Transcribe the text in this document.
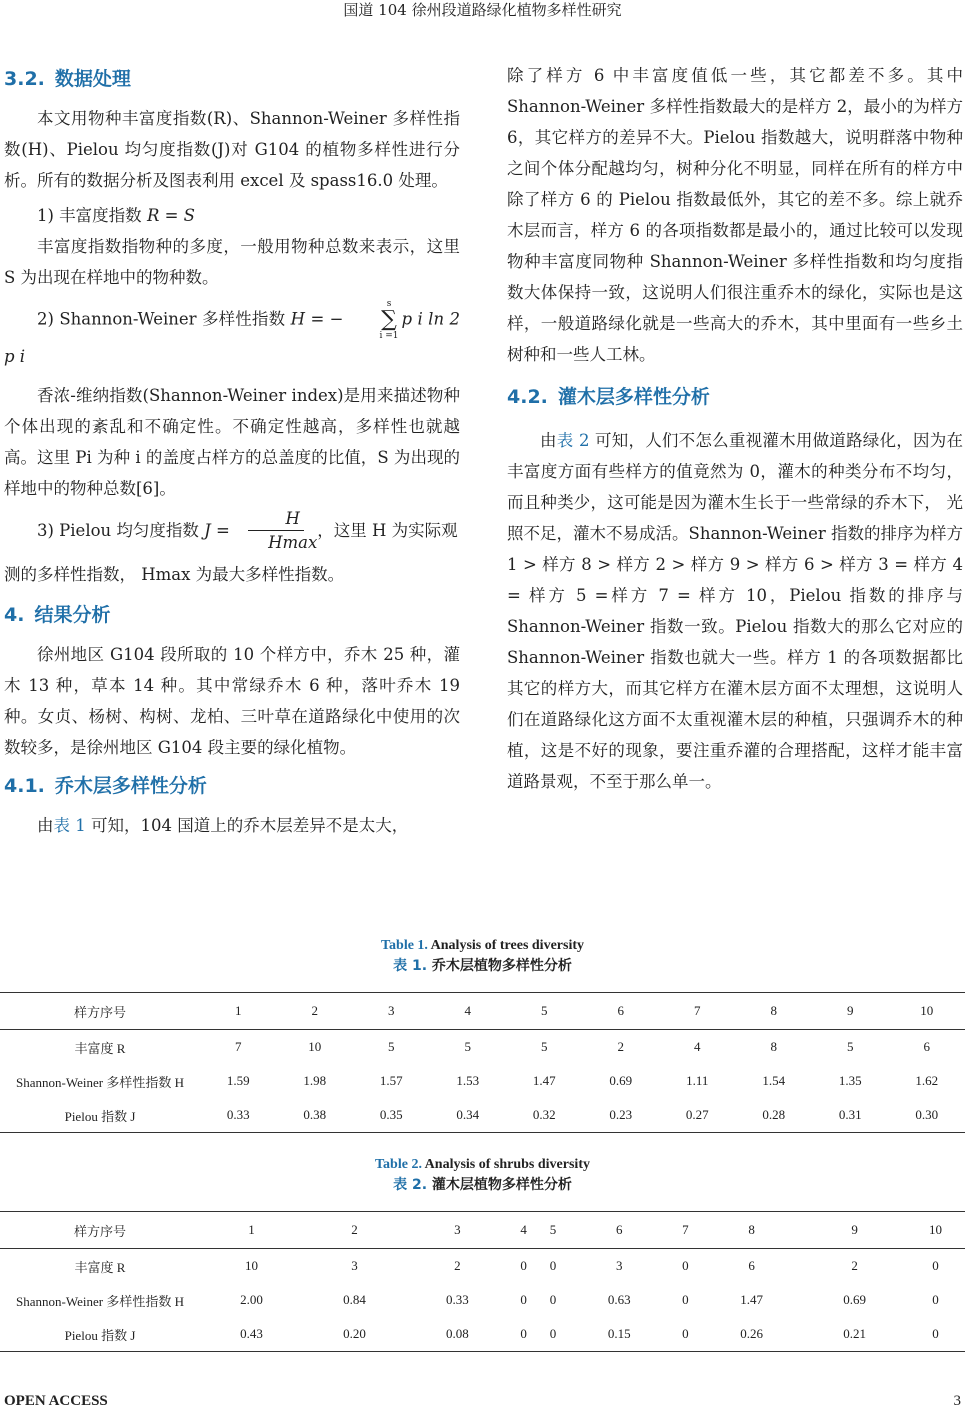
国道 104 徐州段道路绿化植物多样性研究
3.2. 数据处理

本文用物种丰富度指数(R)、Shannon-Weiner 多样性指数(H)、Pielou 均匀度指数(J)对 G104 的植物多样性进行分析。所有的数据分析及图表利用 excel 及 spass16.0 处理。

1) 丰富度指数 R = S

丰富度指数指物种的多度，一般用物种总数来表示，这里 S 为出现在样地中的物种数。

2) Shannon-Weiner 多样性指数 H = −
s
∑
i =1
p i ln 2 p i

香浓-维纳指数(Shannon-Weiner index)是用来描述物种个体出现的紊乱和不确定性。不确定性越高，多样性也就越高。这里 Pi 为种 i 的盖度占样方的总盖度的比值，S 为出现的样地中的物种总数[6]。

3) Pielou 均匀度指数 $J = \frac{H}{Hmax}$ ，这里 H 为实际观

测的多样性指数， Hmax 为最大多样性指数。

4. 结果分析

徐州地区 G104 段所取的 10 个样方中，乔木 25 种，灌木 13 种，草本 14 种。其中常绿乔木 6 种，落叶乔木 19 种。女贞、杨树、构树、龙柏、三叶草在道路绿化中使用的次数较多，是徐州地区 G104 段主要的绿化植物。

4.1. 乔木层多样性分析

由表 1 可知，104 国道上的乔木层差异不是太大，

除了样方 6 中丰富度值低一些，其它都差不多。其中 Shannon-Weiner 多样性指数最大的是样方 2，最小的为样方 6，其它样方的差异不大。Pielou 指数越大，说明群落中物种之间个体分配越均匀，树种分化不明显，同样在所有的样方中除了样方 6 的 Pielou 指数最低外，其它的差不多。综上就乔木层而言，样方 6 的各项指数都是最小的，通过比较可以发现物种丰富度同物种 Shannon-Weiner 多样性指数和均匀度指数大体保持一致，这说明人们很注重乔木的绿化，实际也是这样，一般道路绿化就是一些高大的乔木，其中里面有一些乡土树种和一些人工林。

4.2. 灌木层多样性分析

由表 2 可知，人们不怎么重视灌木用做道路绿化，因为在丰富度方面有些样方的值竟然为 0，灌木的种类分布不均匀，而且种类少，这可能是因为灌木生长于一些常绿的乔木下， 光照不足，灌木不易成活。Shannon-Weiner 指数的排序为样方 1 > 样方 8 > 样方 2 > 样方 9 > 样方 6 > 样方 3 = 样方 4 = 样方 5 =样方 7 = 样方 10，Pielou 指数的排序与 Shannon-Weiner 指数一致。Pielou 指数大的那么它对应的 Shannon-Weiner 指数也就大一些。样方 1 的各项数据都比其它的样方大，而其它样方在灌木层方面不太理想，这说明人们在道路绿化这方面不太重视灌木层的种植，只强调乔木的种植，这是不好的现象，要注重乔灌的合理搭配，这样才能丰富道路景观，不至于那么单一。

Table 1. Analysis of trees diversity
表 1. 乔木层植物多样性分析
样方序号	1	2	3	4	5	6	7	8	9	10
丰富度 R	7	10	5	5	5	2	4	8	5	6
Shannon-Weiner 多样性指数 H	1.59	1.98	1.57	1.53	1.47	0.69	1.11	1.54	1.35	1.62
Pielou 指数 J	0.33	0.38	0.35	0.34	0.32	0.23	0.27	0.28	0.31	0.30
Table 2. Analysis of shrubs diversity
表 2. 灌木层植物多样性分析
样方序号	1	2	3	4	5	6	7	8	9	10
丰富度 R	10	3	2	0	0	3	0	6	2	0
Shannon-Weiner 多样性指数 H	2.00	0.84	0.33	0	0	0.63	0	1.47	0.69	0
Pielou 指数 J	0.43	0.20	0.08	0	0	0.15	0	0.26	0.21	0
OPEN ACCESS	3
